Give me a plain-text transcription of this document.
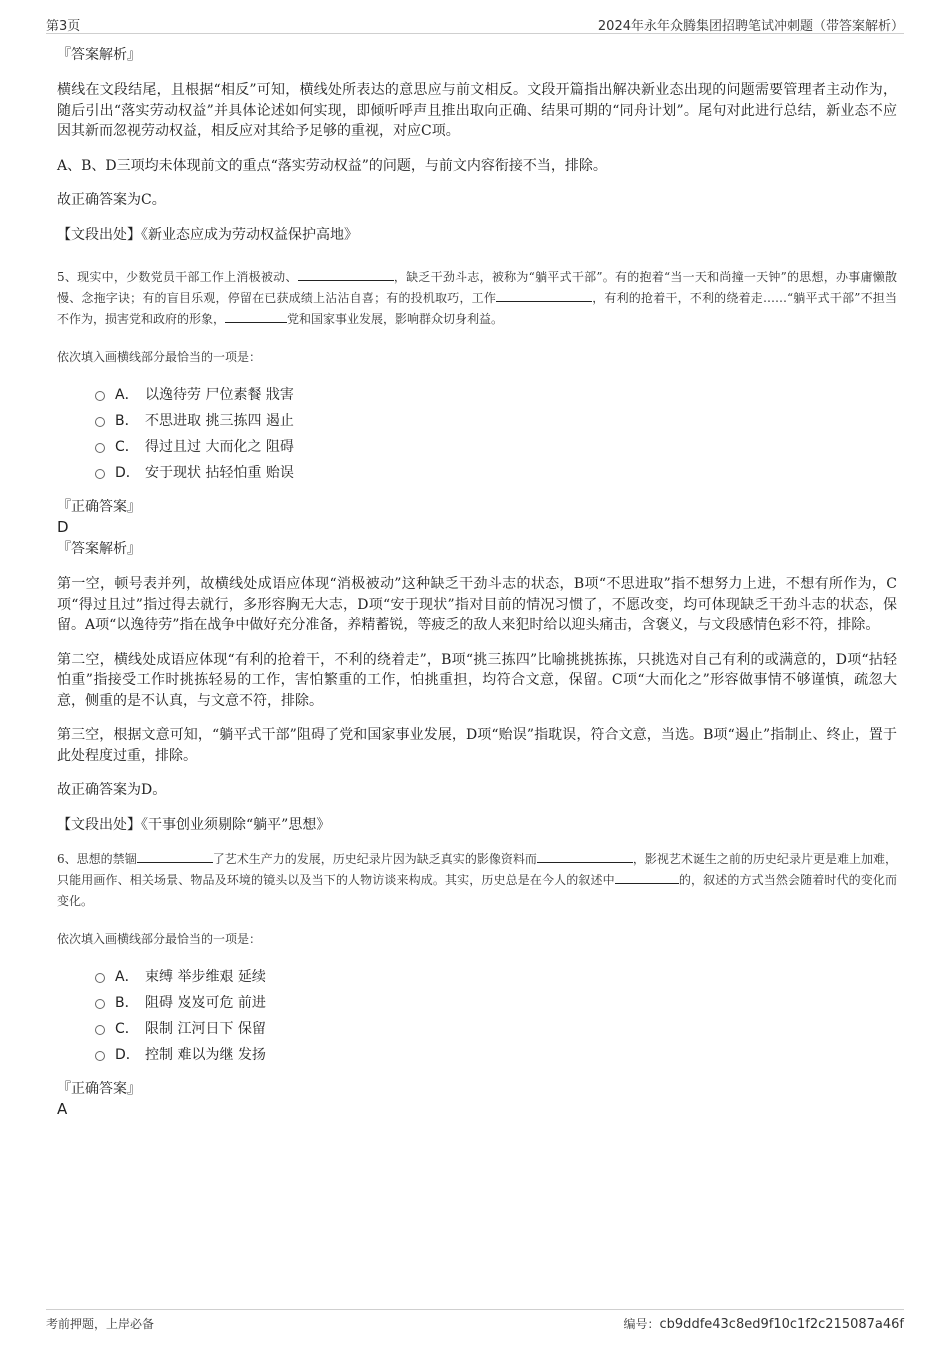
第3页	2024年永年众腾集团招聘笔试冲刺题（带答案解析）
『答案解析』
横线在文段结尾，且根据“相反”可知，横线处所表达的意思应与前文相反。文段开篇指出解决新业态出现的问题需要管理者主动作为，随后引出“落实劳动权益”并具体论述如何实现，即倾听呼声且推出取向正确、结果可期的“同舟计划”。尾句对此进行总结，新业态不应因其新而忽视劳动权益，相反应对其给予足够的重视，对应C项。
A、B、D三项均未体现前文的重点“落实劳动权益”的问题，与前文内容衔接不当，排除。
故正确答案为C。
【文段出处】《新业态应成为劳动权益保护高地》
5、现实中，少数党员干部工作上消极被动、	，缺乏干劲斗志，被称为“躺平式干部”。有的抱着“当一天和尚撞一天钟”的思想，办事庸懒散慢、念拖字诀；有的盲目乐观，停留在已获成绩上沾沾自喜；有的投机取巧，工作	，有利的抢着干，不利的绕着走……“躺平式干部”不担当不作为，损害党和政府的形象，	党和国家事业发展，影响群众切身利益。
依次填入画横线部分最恰当的一项是：
A． 以逸待劳 尸位素餐 戕害
B． 不思进取 挑三拣四 遏止
C． 得过且过 大而化之 阻碍
D． 安于现状 拈轻怕重 贻误
『正确答案』
D
『答案解析』
第一空，顿号表并列，故横线处成语应体现“消极被动”这种缺乏干劲斗志的状态，B项“不思进取”指不想努力上进，不想有所作为，C项“得过且过”指过得去就行，多形容胸无大志，D项“安于现状”指对目前的情况习惯了，不愿改变，均可体现缺乏干劲斗志的状态，保留。A项“以逸待劳”指在战争中做好充分准备，养精蓄锐，等疲乏的敌人来犯时给以迎头痛击，含褒义，与文段感情色彩不符，排除。
第二空，横线处成语应体现“有利的抢着干，不利的绕着走”，B项“挑三拣四”比喻挑挑拣拣，只挑选对自己有利的或满意的，D项“拈轻怕重”指接受工作时挑拣轻易的工作，害怕繁重的工作，怕挑重担，均符合文意，保留。C项“大而化之”形容做事情不够谨慎，疏忽大意，侧重的是不认真，与文意不符，排除。
第三空，根据文意可知，“躺平式干部”阻碍了党和国家事业发展，D项“贻误”指耽误，符合文意，当选。B项“遏止”指制止、终止，置于此处程度过重，排除。
故正确答案为D。
【文段出处】《干事创业须剔除“躺平”思想》
6、思想的禁锢	了艺术生产力的发展，历史纪录片因为缺乏真实的影像资料而	，影视艺术诞生之前的历史纪录片更是难上加难，只能用画作、相关场景、物品及环境的镜头以及当下的人物访谈来构成。其实，历史总是在今人的叙述中	的，叙述的方式当然会随着时代的变化而变化。
依次填入画横线部分最恰当的一项是：
A． 束缚 举步维艰 延续
B． 阻碍 岌岌可危 前进
C． 限制 江河日下 保留
D． 控制 难以为继 发扬
『正确答案』
A
考前押题，上岸必备	编号：cb9ddfe43c8ed9f10c1f2c215087a46f
